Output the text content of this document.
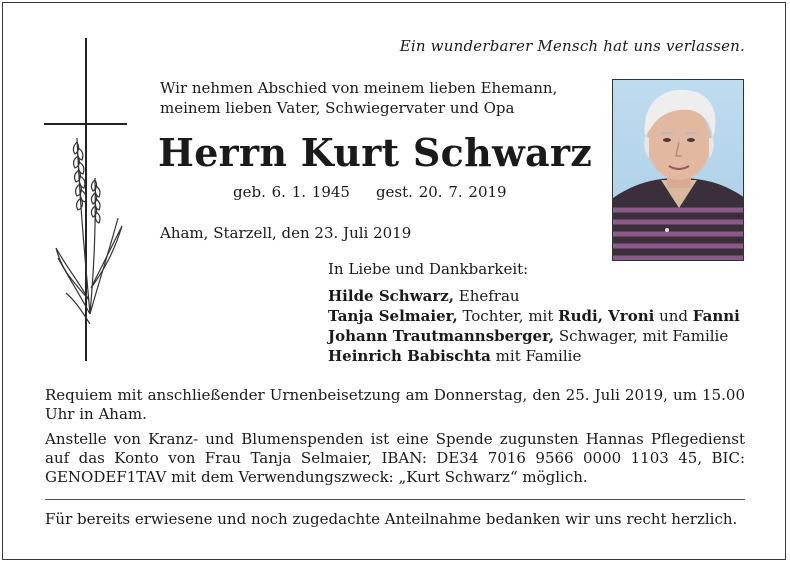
Ein wunderbarer Mensch hat uns verlassen.
Wir nehmen Abschied von meinem lieben Ehemann,
meinem lieben Vater, Schwiegervater und Opa
Herrn Kurt Schwarz
geb. 6. 1. 1945 gest. 20. 7. 2019
Aham, Starzell, den 23. Juli 2019
In Liebe und Dankbarkeit:
Hilde Schwarz, Ehefrau
Tanja Selmaier, Tochter, mit Rudi, Vroni und Fanni
Johann Trautmannsberger, Schwager, mit Familie
Heinrich Babischta mit Familie
Requiem mit anschließender Urnenbeisetzung am Donnerstag, den 25. Juli 2019, um 15.00 Uhr in Aham.
Anstelle von Kranz- und Blumenspenden ist eine Spende zugunsten Hannas Pflegedienst auf das Konto von Frau Tanja Selmaier, IBAN: DE34 7016 9566 0000 1103 45, BIC: GENODEF1TAV mit dem Verwendungszweck: „Kurt Schwarz“ möglich.
Für bereits erwiesene und noch zugedachte Anteilnahme bedanken wir uns recht herzlich.
